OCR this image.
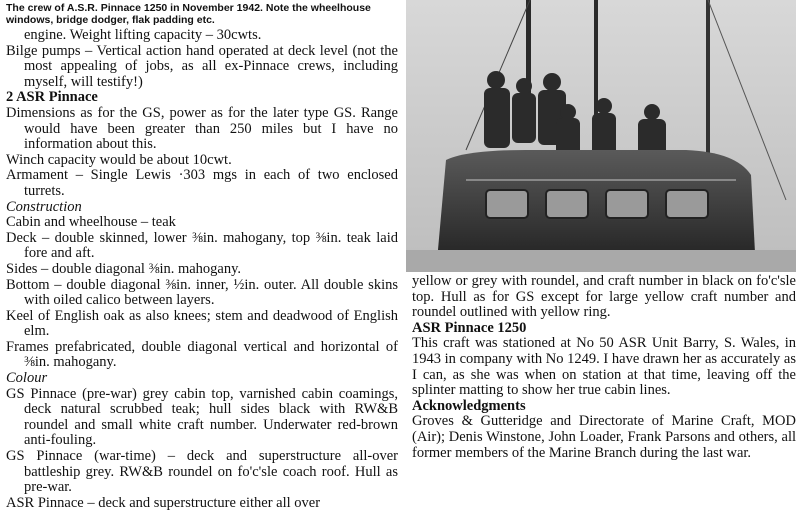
The crew of A.S.R. Pinnace 1250 in November 1942. Note the wheelhouse windows, bridge dodger, flak padding etc.

engine. Weight lifting capacity – 30cwts.

Bilge pumps – Vertical action hand operated at deck level (not the most appealing of jobs, as all ex-Pinnace crews, including myself, will testify!)

2 ASR Pinnace

Dimensions as for the GS, power as for the later type GS. Range would have been greater than 250 miles but I have no information about this.

Winch capacity would be about 10cwt.

Armament – Single Lewis ·303 mgs in each of two enclosed turrets.

Construction

Cabin and wheelhouse – teak

Deck – double skinned, lower ⅜in. mahogany, top ⅜in. teak laid fore and aft.

Sides – double diagonal ⅜in. mahogany.

Bottom – double diagonal ⅜in. inner, ½in. outer. All double skins with oiled calico between layers.

Keel of English oak as also knees; stem and deadwood of English elm.

Frames prefabricated, double diagonal vertical and horizontal of ⅜in. mahogany.

Colour

GS Pinnace (pre-war) grey cabin top, varnished cabin coamings, deck natural scrubbed teak; hull sides black with RW&B roundel and small white craft number. Underwater red-brown anti-fouling.

GS Pinnace (war-time) – deck and superstructure all-over battleship grey. RW&B roundel on fo'c'sle coach roof. Hull as pre-war.

ASR Pinnace – deck and superstructure either all over

yellow or grey with roundel, and craft number in black on fo'c'sle top. Hull as for GS except for large yellow craft number and roundel outlined with yellow ring.

ASR Pinnace 1250

This craft was stationed at No 50 ASR Unit Barry, S. Wales, in 1943 in company with No 1249. I have drawn her as accurately as I can, as she was when on station at that time, leaving off the splinter matting to show her true cabin lines.

Acknowledgments

Groves & Gutteridge and Directorate of Marine Craft, MOD (Air); Denis Winstone, John Loader, Frank Parsons and others, all former members of the Marine Branch during the last war.
